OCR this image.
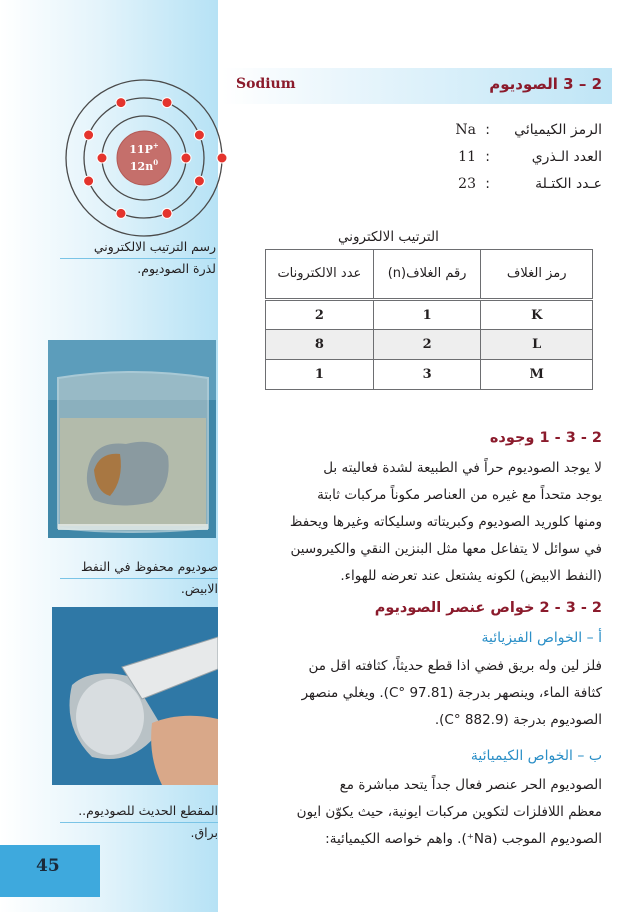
11P+
$12n^0$
رسم الترتيب الالكتروني
لذرة الصوديوم.
صوديوم محفوظ في النفط
الابيض.
المقطع الحديث للصوديوم..
براق.
45
Sodium	2 – 3 الصوديوم
الرمز الكيميائي
:
Na
العدد الـذري
:
11
عـدد الكتـلة
:
23
الترتيب الالكتروني
رمز الغلاف	رقم الغلاف(n)	عدد الالكترونات
K	1	2
L	2	8
M	3	1
2 - 3 - 1 وجوده
لا يوجد الصوديوم حراً في الطبيعة لشدة فعاليته بل
يوجد متحداً مع غيره من العناصر مكوناً مركبات ثابتة
ومنها كلوريد الصوديوم وكبريتاته وسليكاته وغيرها ويحفظ
في سوائل لا يتفاعل معها مثل البنزين النقي والكيروسين
(النفط الابيض) لكونه يشتعل عند تعرضه للهواء.
2 - 3 - 2 خواص عنصر الصوديوم
أ – الخواص الفيزيائية
فلز لين وله بريق فضي اذا قطع حديثاً، كثافته اقل من
كثافة الماء، وينصهر بدرجة (97.81 °C). ويغلي منصهر
الصوديوم بدرجة (882.9 °C).
ب – الخواص الكيميائية
الصوديوم الحر عنصر فعال جداً يتحد مباشرة مع
معظم اللافلزات لتكوين مركبات ايونية، حيث يكوّن ايون
الصوديوم الموجب (Na⁺). واهم خواصه الكيميائية:
